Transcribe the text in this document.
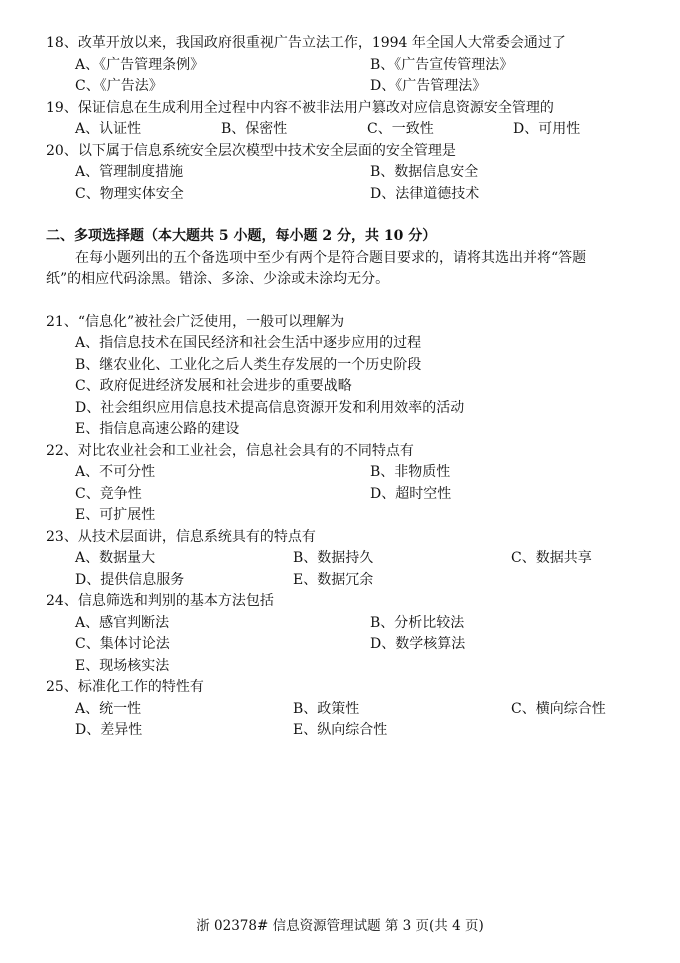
18、 改革开放以来，我国政府很重视广告立法工作，1994 年全国人大常委会通过了
A、《广告管理条例》	B、《广告宣传管理法》
C、《广告法》	D、《广告管理法》
19、 保证信息在生成利用全过程中内容不被非法用户篡改对应信息资源安全管理的
A、认证性	B、保密性	C、一致性	D、可用性
20、 以下属于信息系统安全层次模型中技术安全层面的安全管理是
A、管理制度措施	B、数据信息安全
C、物理实体安全	D、法律道德技术
二、多项选择题（本大题共 5 小题，每小题 2 分，共 10 分）
在每小题列出的五个备选项中至少有两个是符合题目要求的，请将其选出并将“答题纸”的相应代码涂黑。错涂、多涂、少涂或未涂均无分。
21、 “信息化”被社会广泛使用，一般可以理解为
A、指信息技术在国民经济和社会生活中逐步应用的过程
B、继农业化、工业化之后人类生存发展的一个历史阶段
C、政府促进经济发展和社会进步的重要战略
D、社会组织应用信息技术提高信息资源开发和利用效率的活动
E、指信息高速公路的建设
22、 对比农业社会和工业社会，信息社会具有的不同特点有
A、不可分性	B、非物质性
C、竞争性	D、超时空性
E、可扩展性
23、 从技术层面讲，信息系统具有的特点有
A、数据量大	B、数据持久	C、数据共享
D、提供信息服务	E、数据冗余
24、 信息筛选和判别的基本方法包括
A、感官判断法	B、分析比较法
C、集体讨论法	D、数学核算法
E、现场核实法
25、 标准化工作的特性有
A、统一性	B、政策性	C、横向综合性
D、差异性	E、纵向综合性
浙 02378# 信息资源管理试题 第 3 页(共 4 页)
